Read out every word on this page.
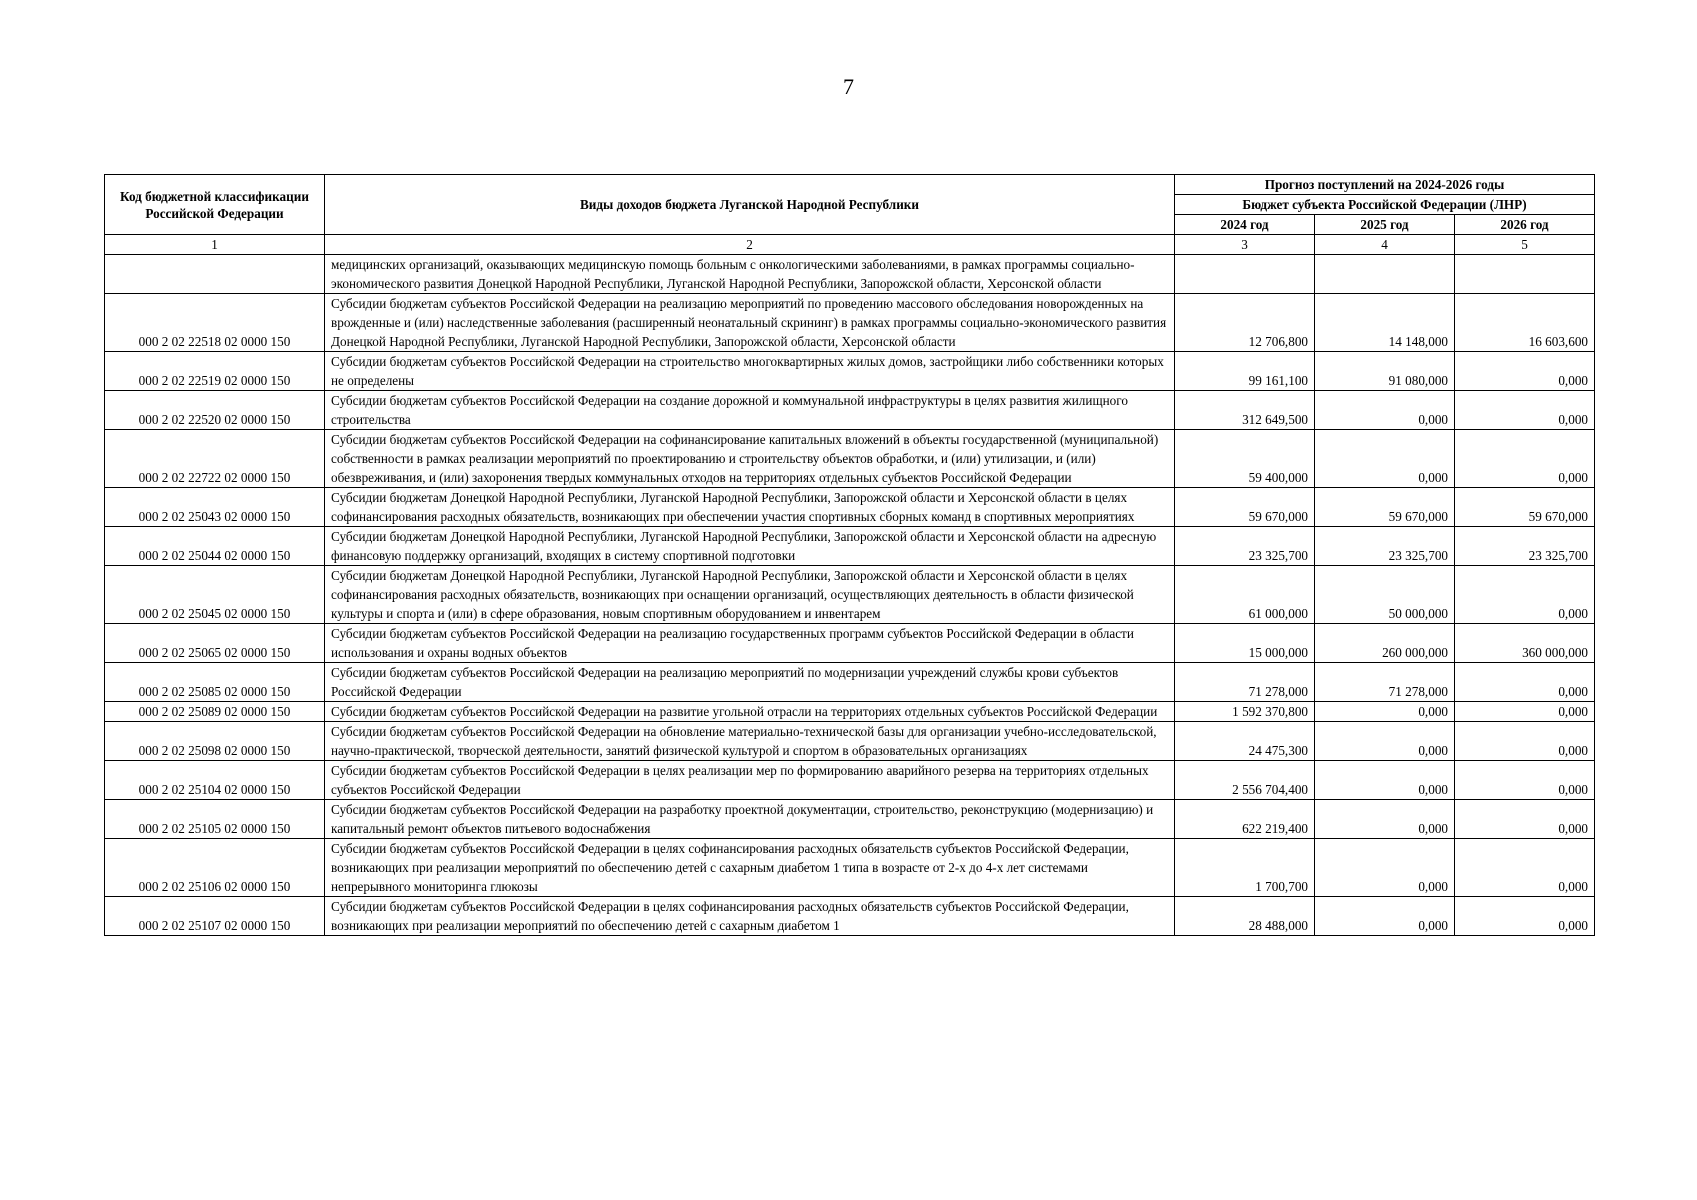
7
Код бюджетной классификации Российской Федерации	Виды доходов бюджета Луганской Народной Республики	Прогноз поступлений на 2024-2026 годы		
		Бюджет субъекта Российской Федерации (ЛНР)		
		2024 год	2025 год	2026 год
1	2	3	4	5
	медицинских организаций, оказывающих медицинскую помощь больным с онкологическими заболеваниями, в рамках программы социально-экономического развития Донецкой Народной Республики, Луганской Народной Республики, Запорожской области, Херсонской области			
000 2 02 22518 02 0000 150	Субсидии бюджетам субъектов Российской Федерации на реализацию мероприятий по проведению массового обследования новорожденных на врожденные и (или) наследственные заболевания (расширенный неонатальный скрининг) в рамках программы социально-экономического развития Донецкой Народной Республики, Луганской Народной Республики, Запорожской области, Херсонской области	12 706,800	14 148,000	16 603,600
000 2 02 22519 02 0000 150	Субсидии бюджетам субъектов Российской Федерации на строительство многоквартирных жилых домов, застройщики либо собственники которых не определены	99 161,100	91 080,000	0,000
000 2 02 22520 02 0000 150	Субсидии бюджетам субъектов Российской Федерации на создание дорожной и коммунальной инфраструктуры в целях развития жилищного строительства	312 649,500	0,000	0,000
000 2 02 22722 02 0000 150	Субсидии бюджетам субъектов Российской Федерации на софинансирование капитальных вложений в объекты государственной (муниципальной) собственности в рамках реализации мероприятий по проектированию и строительству объектов обработки, и (или) утилизации, и (или) обезвреживания, и (или) захоронения твердых коммунальных отходов на территориях отдельных субъектов Российской Федерации	59 400,000	0,000	0,000
000 2 02 25043 02 0000 150	Субсидии бюджетам Донецкой Народной Республики, Луганской Народной Республики, Запорожской области и Херсонской области в целях софинансирования расходных обязательств, возникающих при обеспечении участия спортивных сборных команд в спортивных мероприятиях	59 670,000	59 670,000	59 670,000
000 2 02 25044 02 0000 150	Субсидии бюджетам Донецкой Народной Республики, Луганской Народной Республики, Запорожской области и Херсонской области на адресную финансовую поддержку организаций, входящих в систему спортивной подготовки	23 325,700	23 325,700	23 325,700
000 2 02 25045 02 0000 150	Субсидии бюджетам Донецкой Народной Республики, Луганской Народной Республики, Запорожской области и Херсонской области в целях софинансирования расходных обязательств, возникающих при оснащении организаций, осуществляющих деятельность в области физической культуры и спорта и (или) в сфере образования, новым спортивным оборудованием и инвентарем	61 000,000	50 000,000	0,000
000 2 02 25065 02 0000 150	Субсидии бюджетам субъектов Российской Федерации на реализацию государственных программ субъектов Российской Федерации в области использования и охраны водных объектов	15 000,000	260 000,000	360 000,000
000 2 02 25085 02 0000 150	Субсидии бюджетам субъектов Российской Федерации на реализацию мероприятий по модернизации учреждений службы крови субъектов Российской Федерации	71 278,000	71 278,000	0,000
000 2 02 25089 02 0000 150	Субсидии бюджетам субъектов Российской Федерации на развитие угольной отрасли на территориях отдельных субъектов Российской Федерации	1 592 370,800	0,000	0,000
000 2 02 25098 02 0000 150	Субсидии бюджетам субъектов Российской Федерации на обновление материально-технической базы для организации учебно-исследовательской, научно-практической, творческой деятельности, занятий физической культурой и спортом в образовательных организациях	24 475,300	0,000	0,000
000 2 02 25104 02 0000 150	Субсидии бюджетам субъектов Российской Федерации в целях реализации мер по формированию аварийного резерва на территориях отдельных субъектов Российской Федерации	2 556 704,400	0,000	0,000
000 2 02 25105 02 0000 150	Субсидии бюджетам субъектов Российской Федерации на разработку проектной документации, строительство, реконструкцию (модернизацию) и капитальный ремонт объектов питьевого водоснабжения	622 219,400	0,000	0,000
000 2 02 25106 02 0000 150	Субсидии бюджетам субъектов Российской Федерации в целях софинансирования расходных обязательств субъектов Российской Федерации, возникающих при реализации мероприятий по обеспечению детей с сахарным диабетом 1 типа в возрасте от 2-х до 4-х лет системами непрерывного мониторинга глюкозы	1 700,700	0,000	0,000
000 2 02 25107 02 0000 150	Субсидии бюджетам субъектов Российской Федерации в целях софинансирования расходных обязательств субъектов Российской Федерации, возникающих при реализации мероприятий по обеспечению детей с сахарным диабетом 1	28 488,000	0,000	0,000
